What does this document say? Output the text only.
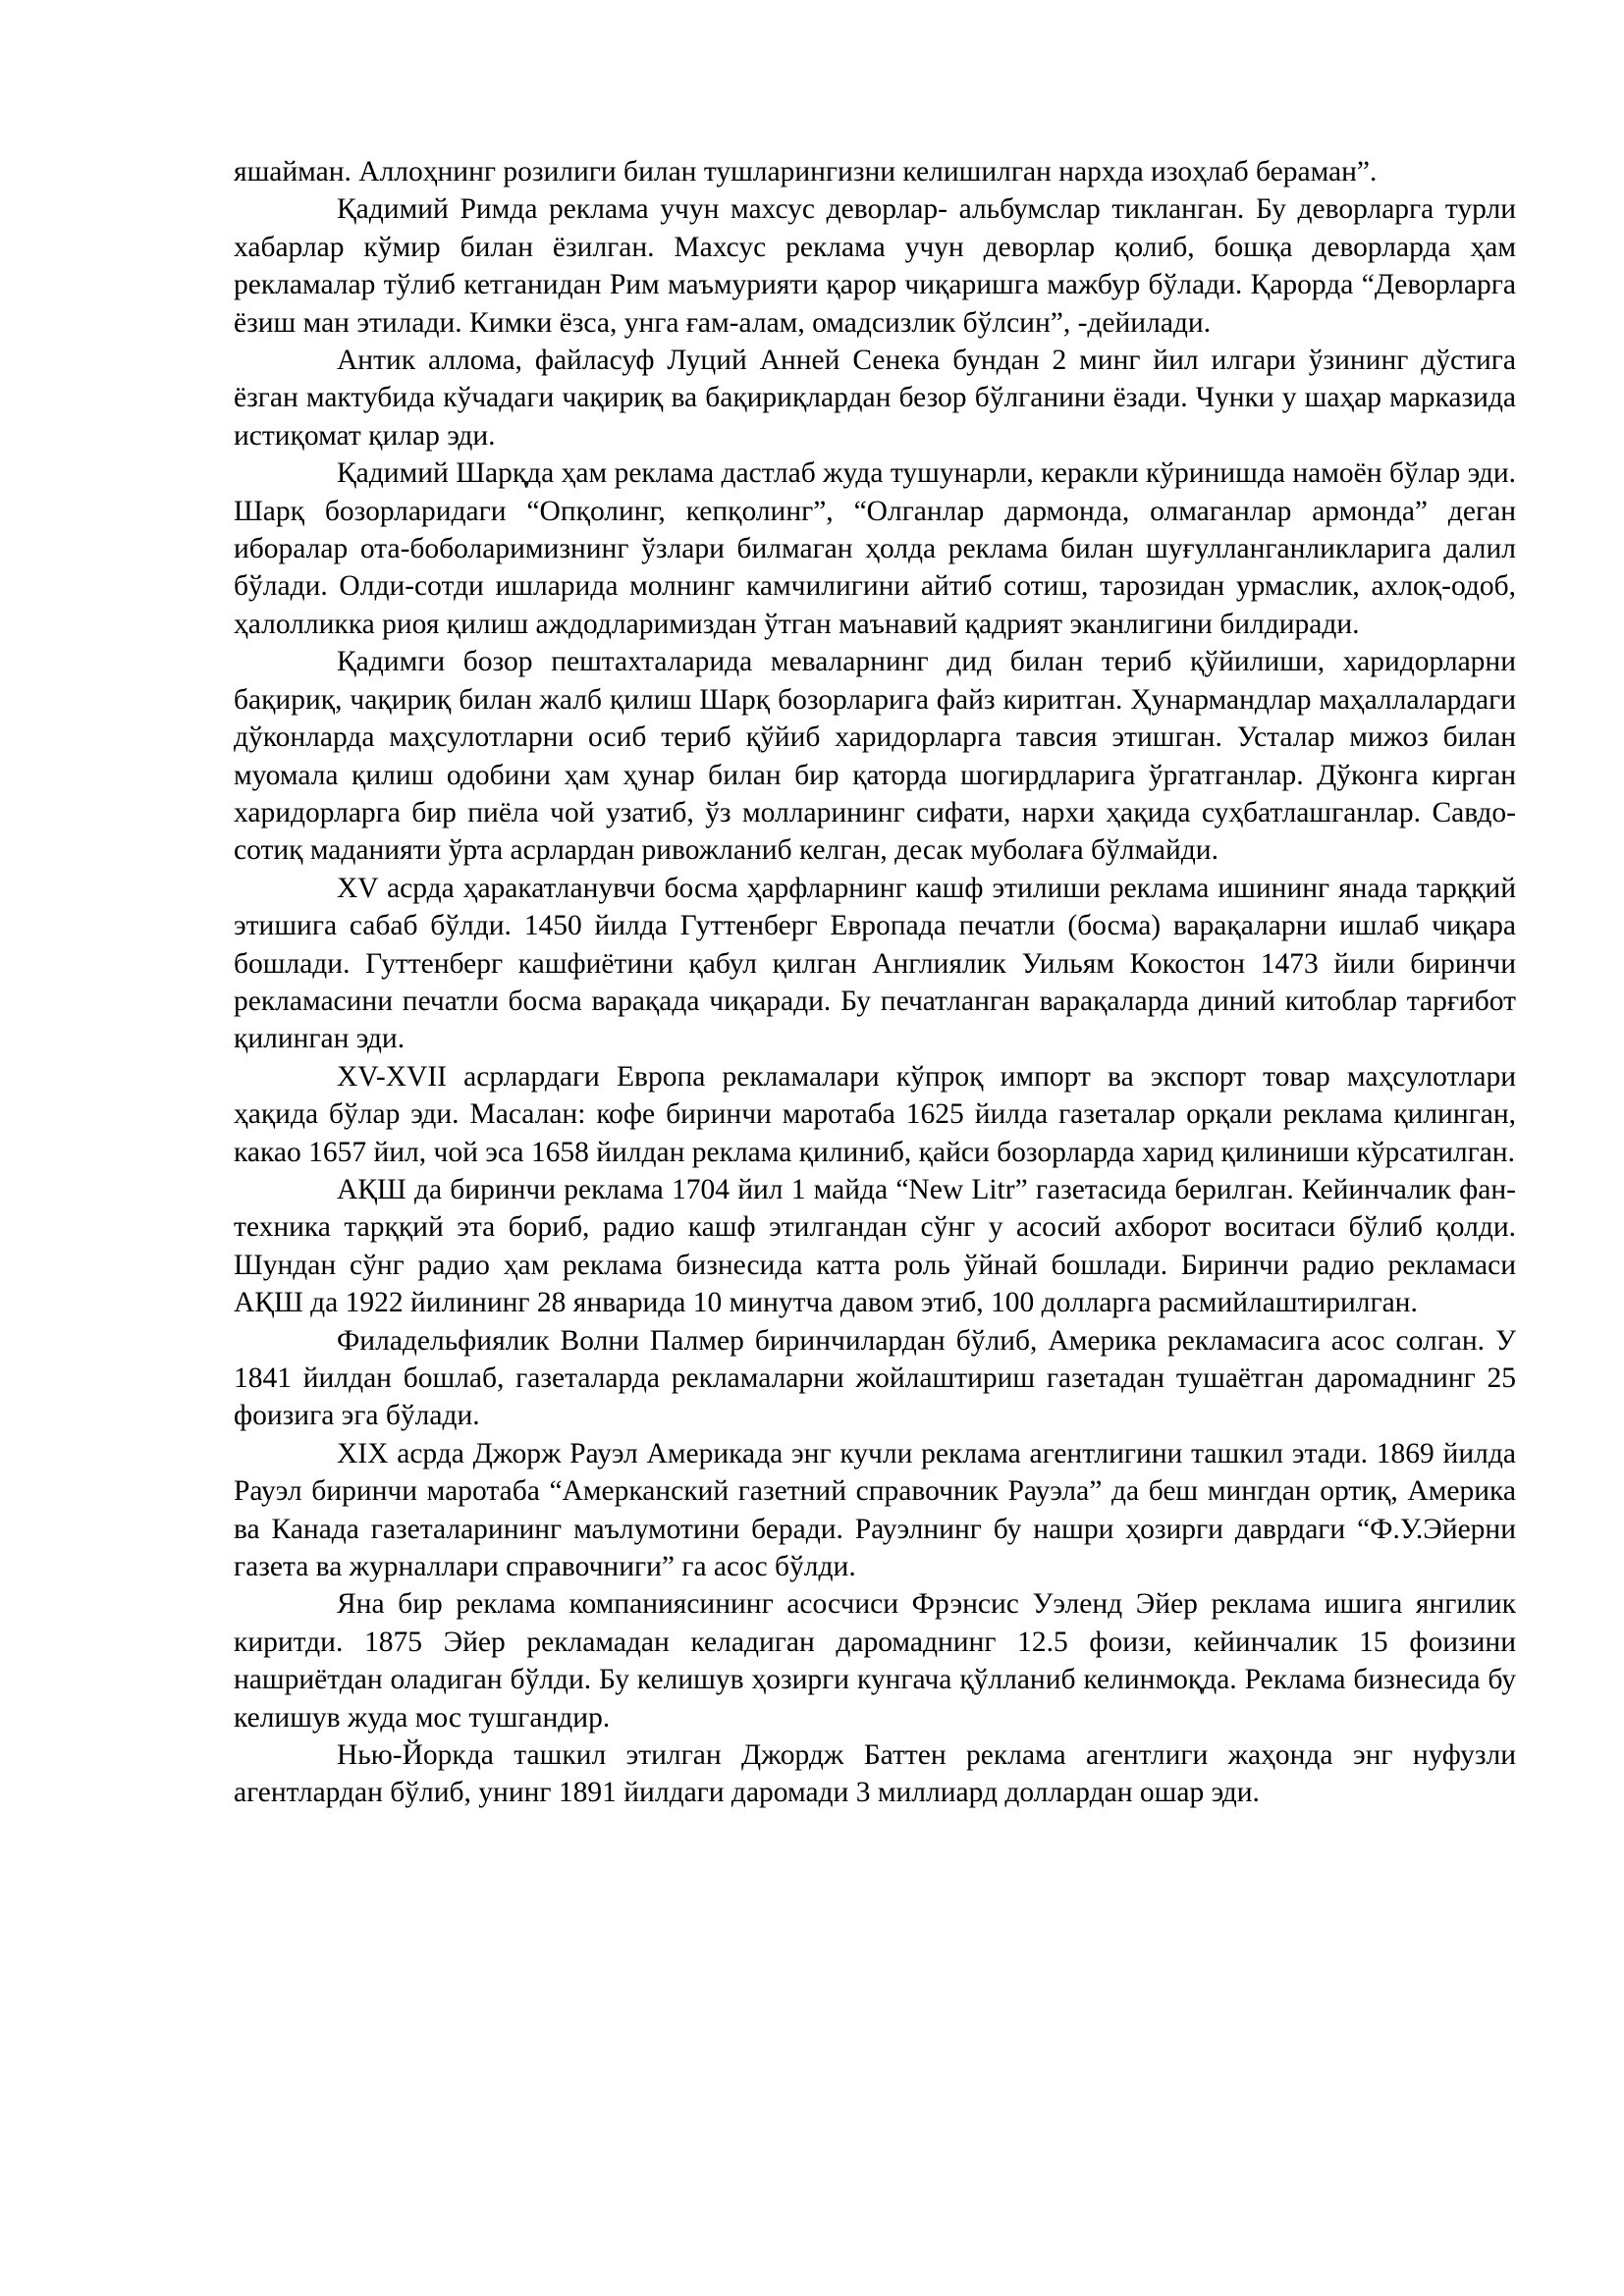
яшайман. Аллоҳнинг розилиги билан тушларингизни келишилган нархда изоҳлаб бераман”.

Қадимий Римда реклама учун махсус деворлар- альбумслар тикланган. Бу деворларга турли хабарлар кўмир билан ёзилган. Махсус реклама учун деворлар қолиб, бошқа деворларда ҳам рекламалар тўлиб кетганидан Рим маъмурияти қарор чиқаришга мажбур бўлади. Қарорда “Деворларга ёзиш ман этилади. Кимки ёзса, унга ғам-алам, омадсизлик бўлсин”, -дейилади.

Антик аллома, файласуф Луций Анней Сенека бундан 2 минг йил илгари ўзининг дўстига ёзган мактубида кўчадаги чақириқ ва бақириқлардан безор бўлганини ёзади. Чунки у шаҳар марказида истиқомат қилар эди.

Қадимий Шарқда ҳам реклама дастлаб жуда тушунарли, керакли кўринишда намоён бўлар эди. Шарқ бозорларидаги “Опқолинг, кепқолинг”, “Олганлар дармонда, олмаганлар армонда” деган иборалар ота-боболаримизнинг ўзлари билмаган ҳолда реклама билан шуғулланганликларига далил бўлади. Олди-сотди ишларида молнинг камчилигини айтиб сотиш, тарозидан урмаслик, ахлоқ-одоб, ҳалолликка риоя қилиш аждодларимиздан ўтган маънавий қадрият эканлигини билдиради.

Қадимги бозор пештахталарида меваларнинг дид билан териб қўйилиши, харидорларни бақириқ, чақириқ билан жалб қилиш Шарқ бозорларига файз киритган. Ҳунармандлар маҳаллалардаги дўконларда маҳсулотларни осиб териб қўйиб харидорларга тавсия этишган. Усталар мижоз билан муомала қилиш одобини ҳам ҳунар билан бир қаторда шогирдларига ўргатганлар. Дўконга кирган харидорларга бир пиёла чой узатиб, ўз молларининг сифати, нархи ҳақида суҳбатлашганлар. Савдо-сотиқ маданияти ўрта асрлардан ривожланиб келган, десак муболаға бўлмайди.

XV асрда ҳаракатланувчи босма ҳарфларнинг кашф этилиши реклама ишининг янада тарққий этишига сабаб бўлди. 1450 йилда Гуттенберг Европада печатли (босма) варақаларни ишлаб чиқара бошлади. Гуттенберг кашфиётини қабул қилган Англиялик Уильям Кокостон 1473 йили биринчи рекламасини печатли босма варақада чиқаради. Бу печатланган варақаларда диний китоблар тарғибот қилинган эди.

XV-XVII асрлардаги Европа рекламалари кўпроқ импорт ва экспорт товар маҳсулотлари ҳақида бўлар эди. Масалан: кофе биринчи маротаба 1625 йилда газеталар орқали реклама қилинган, какао 1657 йил, чой эса 1658 йилдан реклама қилиниб, қайси бозорларда харид қилиниши кўрсатилган.

АҚШ да биринчи реклама 1704 йил 1 майда “New Litr” газетасида берилган. Кейинчалик фан-техника тарққий эта бориб, радио кашф этилгандан сўнг у асосий ахборот воситаси бўлиб қолди. Шундан сўнг радио ҳам реклама бизнесида катта роль ўйнай бошлади. Биринчи радио рекламаси АҚШ да 1922 йилининг 28 январида 10 минутча давом этиб, 100 долларга расмийлаштирилган.

Филадельфиялик Волни Палмер биринчилардан бўлиб, Америка рекламасига асос солган. У 1841 йилдан бошлаб, газеталарда рекламаларни жойлаштириш газетадан тушаётган даромаднинг 25 фоизига эга бўлади.

XIX асрда Джорж Рауэл Америкада энг кучли реклама агентлигини ташкил этади. 1869 йилда Рауэл биринчи маротаба “Амерканский газетний справочник Рауэла” да беш мингдан ортиқ, Америка ва Канада газеталарининг маълумотини беради. Рауэлнинг бу нашри ҳозирги даврдаги “Ф.У.Эйерни газета ва журналлари справочниги” га асос бўлди.

Яна бир реклама компаниясининг асосчиси Фрэнсис Уэленд Эйер реклама ишига янгилик киритди. 1875 Эйер рекламадан келадиган даромаднинг 12.5 фоизи, кейинчалик 15 фоизини нашриётдан оладиган бўлди. Бу келишув ҳозирги кунгача қўлланиб келинмоқда. Реклама бизнесида бу келишув жуда мос тушгандир.

Нью-Йоркда ташкил этилган Джордж Баттен реклама агентлиги жаҳонда энг нуфузли агентлардан бўлиб, унинг 1891 йилдаги даромади 3 миллиард доллардан ошар эди.
